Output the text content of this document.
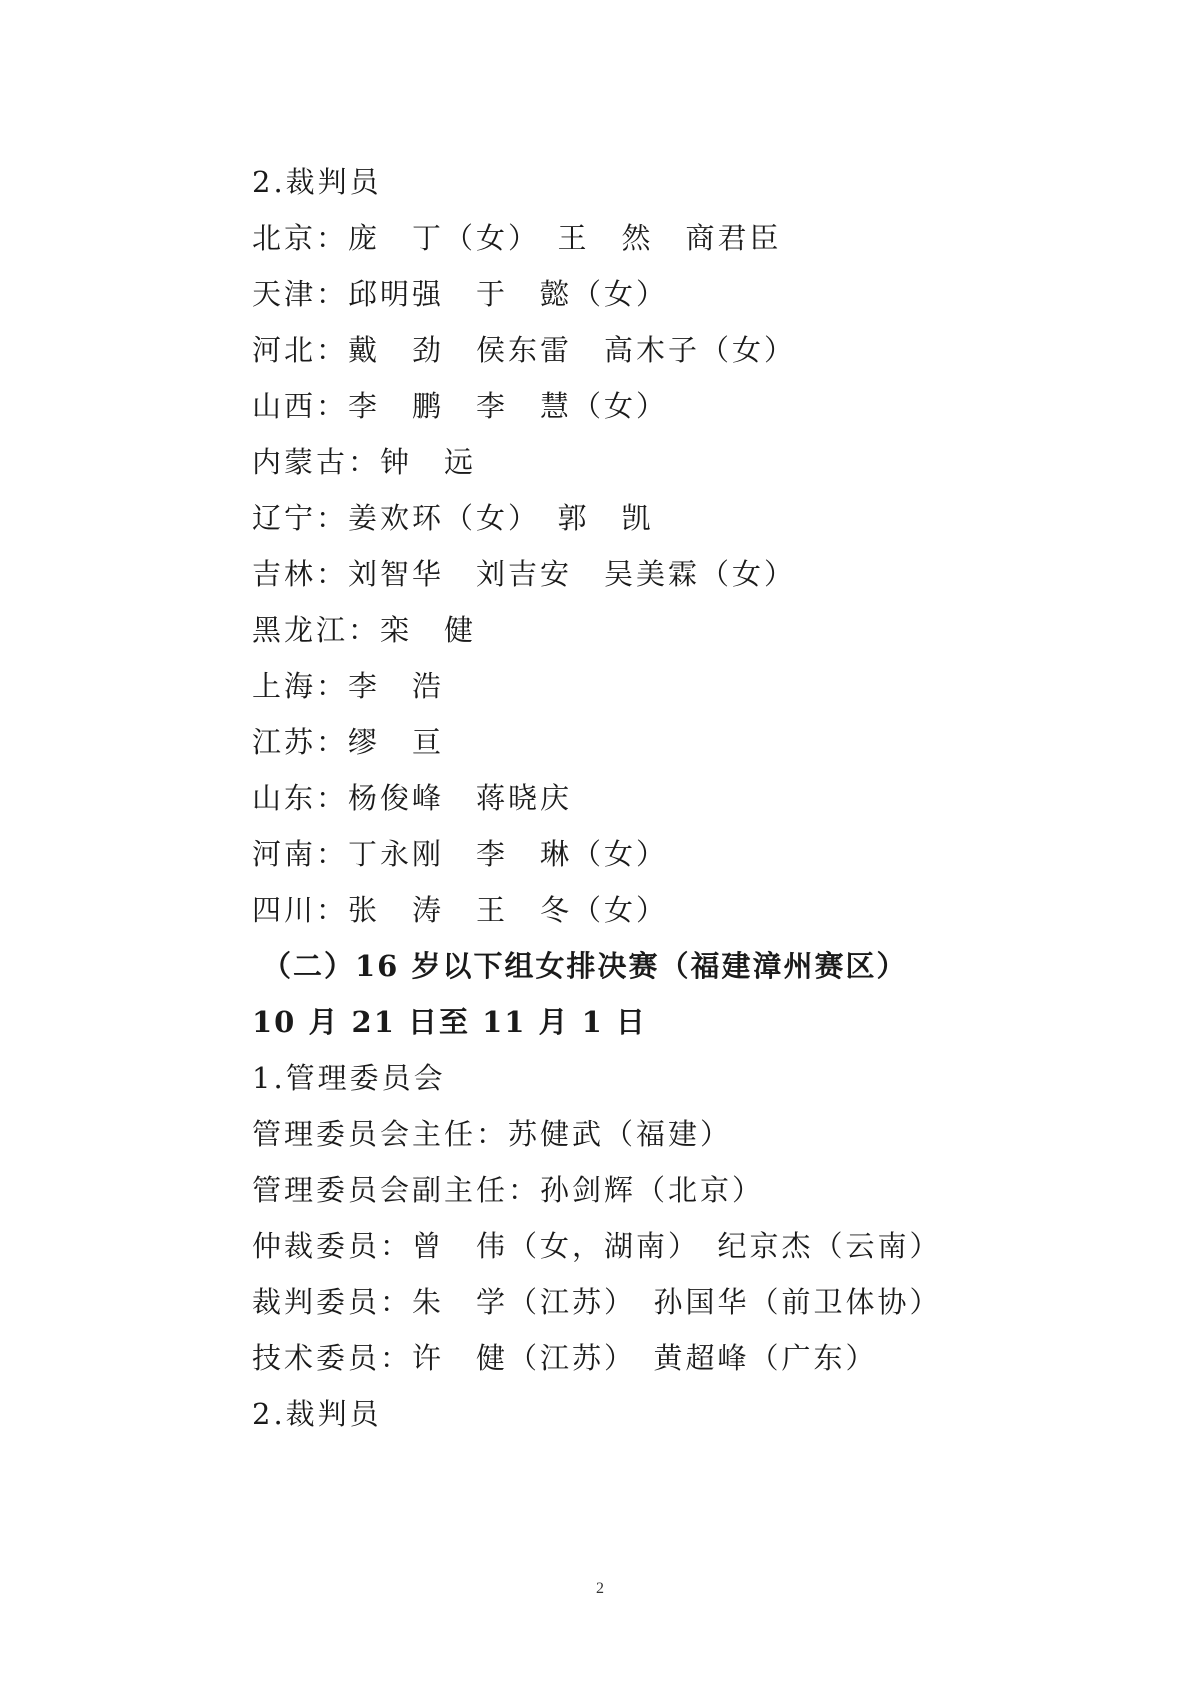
2.裁判员
北京：庞　丁（女）　王　然　商君臣
天津：邱明强　于　懿（女）
河北：戴　劲　侯东雷　高木子（女）
山西：李　鹏　李　慧（女）
内蒙古：钟　远
辽宁：姜欢环（女）　郭　凯
吉林：刘智华　刘吉安　吴美霖（女）
黑龙江：栾　健
上海：李　浩
江苏：缪　亘
山东：杨俊峰　蒋晓庆
河南：丁永刚　李　琳（女）
四川：张　涛　王　冬（女）
（二）16 岁以下组女排决赛（福建漳州赛区）
10 月 21 日至 11 月 1 日
1.管理委员会
管理委员会主任：苏健武（福建）
管理委员会副主任：孙剑辉（北京）
仲裁委员：曾　伟（女，湖南）　纪京杰（云南）
裁判委员：朱　学（江苏）　孙国华（前卫体协）
技术委员：许　健（江苏）　黄超峰（广东）
2.裁判员
2
